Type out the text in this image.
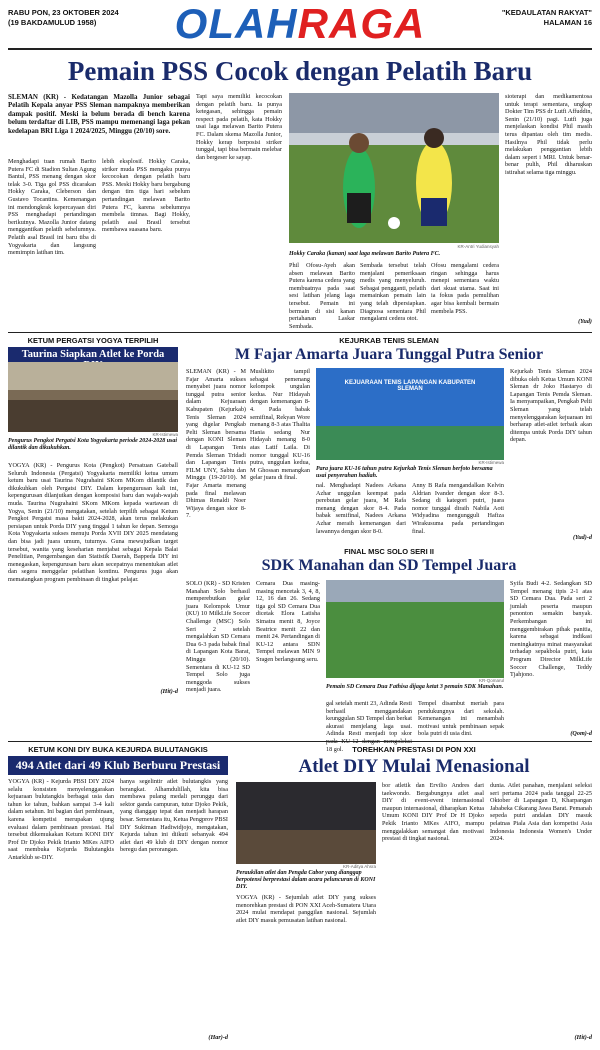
RABU PON, 23 OKTOBER 2024
(19 BAKDAMULUD 1958)	OLAHRAGA	"KEDAULATAN RAKYAT"
HALAMAN 16
Pemain PSS Cocok dengan Pelatih Baru
SLEMAN (KR) - Kedatangan Mazolla Junior sebagai Pelatih Kepala anyar PSS Sleman nampaknya memberikan dampak positif. Meski ia belum berada di bench karena belum terdaftar di LIB, PSS mampu memenangi laga pekan kedelapan BRI Liga 1 2024/2025, Minggu (20/10) sore.
Menghadapi tuan rumah Barito Putera FC di Stadion Sultan Agung Bantul, PSS menang dengan skor telak 3-0. Tiga gol PSS dicarakan Hokky Caraka, Cleberson dan Gustavo Tocantins. Kemenangan ini mendongkrak kepercayaan diri PSS menghadapi pertandingan berikutnya. Mazolla Junior datang menggantikan pelatih sebelumnya. Pelatih asal Brasil ini baru tiba di Yogyakarta dan langsung memimpin latihan tim.
lebih eksplosif. Hokky Caraka, striker muda PSS mengaku punya kecocokan dengan pelatih baru PSS. Meski Hokky baru bergabung dengan tim tiga hari sebelum pertandingan melawan Barito Putera FC, karena sebelumnya membela timnas. Bagi Hokky, pelatih asal Brasil tersebut membawa suasana baru.
Tapi saya memiliki kecocokan dengan pelatih baru. Ia punya ketegasan, sehingga pemain respect pada pelatih, kata Hokky usai laga melawan Barito Putera FC. Dalam skema Mazolla Junior, Hokky kerap berposisi striker tunggal, tapi bisa bermain melebar dan bergeser ke sayap.
KR-Antri Yudiansyah
Hokky Caraka (kanan) saat laga melawan Barito Putera FC.
Phil Ofosu-Ayeh akan absen melawan Barito Putera karena cedera yang membuatnya pada saat sesi latihan jelang laga tersebut. Pemain ini bermain di sisi kanan pertahanan Laskar Sembada.
Sembada tersebut telah menjalani pemeriksaan medis yang menyeluruh. Sebagai pengganti, pelatih memainkan pemain lain yang telah dipersiapkan. Diagnosa sementara Phil mengalami cedera otot.
Ofosu mengalami cedera ringan sehingga harus menepi sementara waktu dari skuat utama. Saat ini ia fokus pada pemulihan agar bisa kembali bermain membela PSS.
sioterapi dan medikamentosa untuk terapi sementara, ungkap Dokter Tim PSS dr Lutfi Affuddin, Senin (21/10) pagi. Lutfi juga menjelaskan kondisi Phil masih terus dipantau oleh tim medis. Hasilnya Phil tidak perlu melakukan penggantian lebih dalam sepert i MRI. Untuk benar-benar pulih, Phil diharuskan istirahat selama tiga minggu.
(Yud)
KETUM PERGATSI YOGYA TERPILIH
Taurina Siapkan Atlet ke Porda
KR-Istimewa
Pengurus Pengkot Pergatsi Kota Yogyakarta periode 2024-2028 usai dilantik dan dikukuhkan.
YOGYA (KR) - Pengurus Kota (Pengkot) Persatuan Gateball Seluruh Indonesia (Pergatsi) Yogyakarta memiliki ketua umum ketum baru usai Taurina Nugrahaini SKom MKom dilantik dan dikukuhkan oleh Pergatsi DIY. Dalam kepengurusan kali ini, kepengurusan dilanjutkan dengan komposisi baru dan wajah-wajah muda. Taurina Nugrahaini SKom MKom kepada wartawan di Yogya, Senin (21/10) mengatakan, setelah terpilih sebagai Ketum Pengkot Pergatsi masa bakti 2024-2028, akan terus melakukan persiapan untuk Porda DIY yang tinggal 1 tahun ke depan. Semoga Kota Yogyakarta sukses menuju Porda XVII DIY 2025 mendatang dan bisa jadi juara umum, tuturnya. Guna mewujudkan target tersebut, wanita yang keseharian menjabat sebagai Kepala Balai Penelitian, Pengembangan dan Statistik Daerah, Bappeda DIY ini menegaskan, kepengurusan baru akan secepatnya menentukan atlet dan segera menggelar pelatihan kontinu. Pengurus juga akan mematangkan program pembinaan di tingkat pelajar.
(Hit)-d
KEJURKAB TENIS SLEMAN
M Fajar Amarta Juara Tunggal Putra Senior
SLEMAN (KR) - M Fajar Amarta sukses menyabet juara nomor tunggal putra senior dalam Kejuaraan Kabupaten (Kejurkab) Tenis Sleman 2024 yang digelar Pengkab Pelti Sleman bersama dengan KONI Sleman di Lapangan Tenis Pemda Sleman Tridadi dan Lapangan Tenis FILM UNY, Sabtu dan Minggu (19-20/10). M Fajar Amarta menang pada final melawan Dhimas Renaldi Noer Wijaya dengan skor 8-7.
Muslikito tampil sebagai pemenang kelompok ungulan kedua. Nur Hidayah dengan kemenangan 8-4. Pada babak semifinal, Rekyan Wore menang 8-3 atas Thalita Hania sedang Nur Hidayah menang 8-0 atas Latif Laila. Di nomor tunggal KU-16 putra, unggulan kedua, M Ghossan menangkan gelar juara di final.
KEJUARAAN TENIS LAPANGAN KABUPATEN SLEMAN
KR-Istimewa
Para juara KU-16 tahun putra Kejurkab Tenis Sleman berfoto bersama usai penyerahan hadiah.
nal. Menghadapi Nadees Arkana Azhar unggulan keempat pada perebutan gelar juara, M Rafa menang dengan skor 8-4. Pada babak semifinal, Nadees Arkana Azhar meraih kemenangan dari lawannya dengan skor 8-0.
Anny B Rafa mengandalkan Kelvin Aldrian Ivander dengan skor 8-3. Sedang di kategori putri, juara nomor tunggal diraih Nabila Aoti Widyadina mengungguli Hafiza Wirakusuma pada pertandingan final.
Kejurkab Tenis Sleman 2024 dibuka oleh Ketua Umum KONI Sleman dr Joko Hastaryo di Lapangan Tenis Pemda Sleman. Ia menyampaikan, Pengkab Pelti Sleman yang telah menyelenggarakan kejuaraan ini berharap atlet-atlet terbaik akan ditempa untuk Porda DIY tahun depan.
(Yud)-d
FINAL MSC SOLO SERI II
SDK Manahan dan SD Tempel Juara
SOLO (KR) - SD Kristen Manahan Solo berhasil memperebutkan gelar juara Kelompok Umur (KU) 10 MilkLife Soccer Challenge (MSC) Solo Seri 2 setelah mengalahkan SD Cemara Dua 6-3 pada babak final di Lapangan Kota Barat, Minggu (20/10). Sementara di KU-12 SD Tempel Solo juga menggoda sukses menjadi juara.
Cemara Dua masing-masing mencetak 3, 4, 8, 12, 16 dan 26. Sedang tiga gol SD Cemara Dua dicetak Elora Latisha Simatra menit 8, Joyce Beatrice menit 22 dan menit 24. Pertandingan di KU-12 antara SDN Tempel melawan MIN 9 Sragen berlangsung seru.
KR-Qomarul
Pemain SD Cemara Dua Fathisa dijaga ketat 3 pemain SDK Manahan.
gal setelah menit 23, Adinda Resti berhasil menggandakan keunggulan SD Tempel dan berkat akurasi menjelang laga usai. Adinda Resti menjadi top skor 18 gol.
Tempel disambut meriah para pendukungnya dari sekolah. Kemenangan ini menambah motivasi untuk pembinaan sepak bola putri di usia dini.
Syifa Budi 4-2. Sedangkan SD Tempel menang tipis 2-1 atas SD Cemara Dua. Pada seri 2 jumlah peserta maupun penonton semakin banyak. Perkembangan ini menggembirakan pihak panitia, karena sebagai indikasi meningkatnya minat masyarakat terhadap sepakbola putri, kata Program Director MilkLife Soccer Challenge, Teddy Tjahjono.
(Qom)-d
KETUM KONI DIY BUKA KEJURDA BULUTANGKIS
494 Atlet dari 49 Klub Berburu Prestasi
YOGYA (KR) - Kejurda PBSI DIY 2024 selalu konsisten menyelenggarakan kejuaraan bulutangkis berbagai usia dan tahun ke tahun, bahkan sampai 3-4 kali dalam setahun. Ini bagian dari pembinaan, karena kompetisi merupakan ujung evaluasi dalam pembinaan prestasi. Hal tersebut dikemukakan Ketum KONI DIY Prof Dr Djoko Pekik Irianto MKes AIFO saat membuka Kejurda Bulutangkis Antarklub se-DIY.
hanya segelintir atlet bulutangkis yang berangkat. Alhamdulillah, kita bisa membawa pulang medali perunggu dari sektor ganda campuran, tutur Djoko Pekik, yang dianggap tepat dan menjadi harapan besar. Sementara itu, Ketua Pengprov PBSI DIY Sukiman Hadiwidjojo, mengatakan, Kejurda tahun ini diikuti sebanyak 494 atlet dari 49 klub di DIY dengan nomor beregu dan perorangan.
(Har)-d
TOREHKAN PRESTASI DI PON XXI
Atlet DIY Mulai Menasional
KR-Aditya Ahsra
Peraukilan atlet dan Pengda Cabor yang dianggap berpotensi berprestasi dalam acara peluncuran di KONI DIY.
YOGYA (KR) - Sejumlah atlet DIY yang sukses menorehkan prestasi di PON XXI Aceh-Sumatera Utara 2024 mulai mendapat panggilan nasional. Sejumlah atlet DIY masuk pemusatan latihan nasional.
bor atletik dan Ervilio Andres dari taekwondo. Bergabungnya atlet asal DIY di event-event internasional maupun internasional, diharapkan Ketua Umum KONI DIY Prof Dr H Djoko Pekik Irianto MKes AIFO, mampu menggalakkan semangat dan motivasi prestasi di tingkat nasional.
dunia. Atlet panahan, menjalani seleksi seri pertama 2024 pada tanggal 22-25 Oktober di Lapangan D, Kharpangan Jababeka Cikarang Jawa Barat. Pemanah sepeda putri andalan DIY masuk pelatnas Piala Asia dan kompetisi Asia Indonesia Indonesia Women's Under 2024.
(Hit)-d
